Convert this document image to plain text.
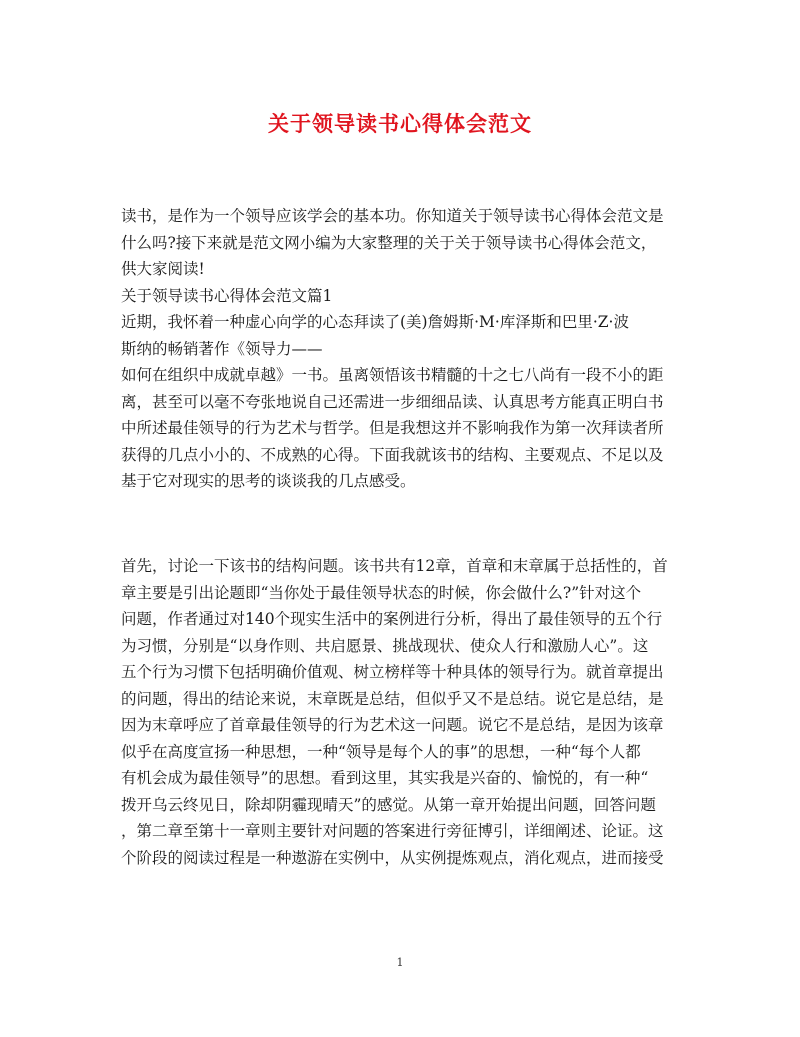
关于领导读书心得体会范文
读书，是作为一个领导应该学会的基本功。你知道关于领导读书心得体会范文是
什么吗?接下来就是范文网小编为大家整理的关于关于领导读书心得体会范文，
供大家阅读!
关于领导读书心得体会范文篇1
近期，我怀着一种虚心向学的心态拜读了(美)詹姆斯·M·库泽斯和巴里·Z·波
斯纳的畅销著作《领导力——
如何在组织中成就卓越》一书。虽离领悟该书精髓的十之七八尚有一段不小的距
离，甚至可以毫不夸张地说自己还需进一步细细品读、认真思考方能真正明白书
中所述最佳领导的行为艺术与哲学。但是我想这并不影响我作为第一次拜读者所
获得的几点小小的、不成熟的心得。下面我就该书的结构、主要观点、不足以及
基于它对现实的思考的谈谈我的几点感受。
首先，讨论一下该书的结构问题。该书共有12章，首章和末章属于总括性的，首
章主要是引出论题即“当你处于最佳领导状态的时候，你会做什么?”针对这个
问题，作者通过对140个现实生活中的案例进行分析，得出了最佳领导的五个行
为习惯，分别是“以身作则、共启愿景、挑战现状、使众人行和激励人心”。这
五个行为习惯下包括明确价值观、树立榜样等十种具体的领导行为。就首章提出
的问题，得出的结论来说，末章既是总结，但似乎又不是总结。说它是总结，是
因为末章呼应了首章最佳领导的行为艺术这一问题。说它不是总结，是因为该章
似乎在高度宣扬一种思想，一种“领导是每个人的事”的思想，一种“每个人都
有机会成为最佳领导”的思想。看到这里，其实我是兴奋的、愉悦的，有一种“
拨开乌云终见日，除却阴霾现晴天”的感觉。从第一章开始提出问题，回答问题
，第二章至第十一章则主要针对问题的答案进行旁征博引，详细阐述、论证。这
个阶段的阅读过程是一种遨游在实例中，从实例提炼观点，消化观点，进而接受
1
